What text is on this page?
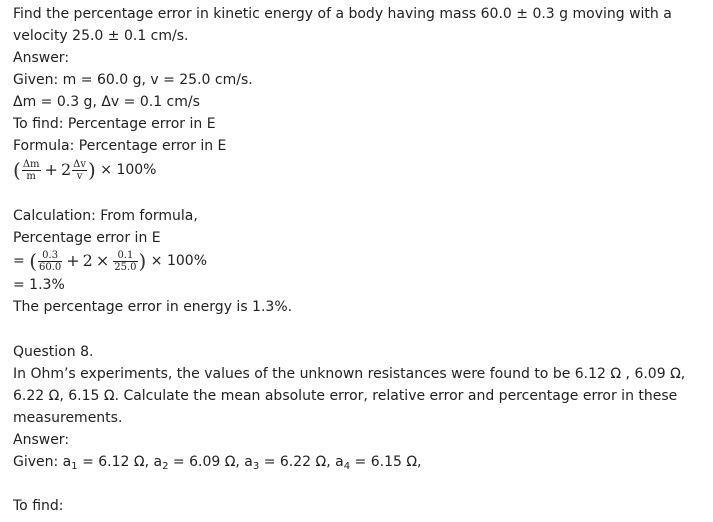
Find the percentage error in kinetic energy of a body having mass 60.0 ± 0.3 g moving with a
velocity 25.0 ± 0.1 cm/s.
Answer:
Given: m = 60.0 g, v = 25.0 cm/s.
Δm = 0.3 g, Δv = 0.1 cm/s
To find: Percentage error in E
Formula: Percentage error in E
( $\frac{\Delta m}{m} + 2 \frac{\Delta v}{v}$ ) × 100%
Calculation: From formula,
Percentage error in E
= ( $\frac{0.3}{60.0} + 2 \times \frac{0.1}{25.0}$ ) × 100%
= 1.3%
The percentage error in energy is 1.3%.
Question 8.
In Ohm’s experiments, the values of the unknown resistances were found to be 6.12 Ω , 6.09 Ω,
6.22 Ω, 6.15 Ω. Calculate the mean absolute error, relative error and percentage error in these
measurements.
Answer:
Given: $a_1 = 6.12$ Ω, $a_2 = 6.09$ Ω, $a_3 = 6.22$ Ω, $a_4 = 6.15$ Ω,
To find:
